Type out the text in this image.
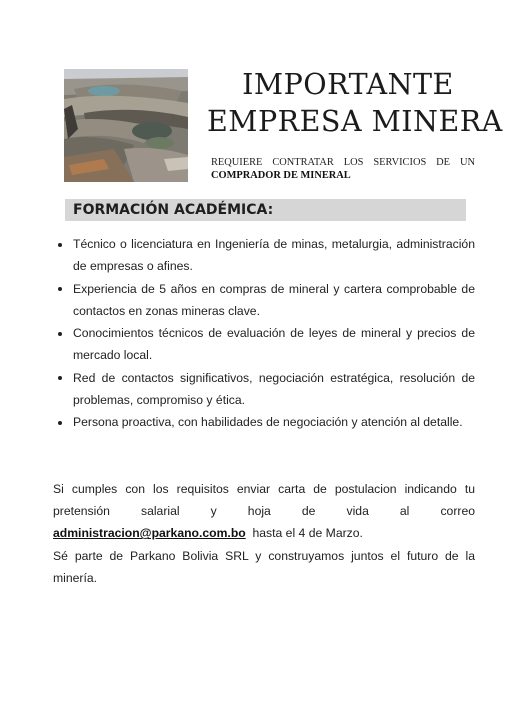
IMPORTANTE
EMPRESA MINERA
REQUIERE CONTRATAR LOS SERVICIOS DE UN
COMPRADOR DE MINERAL
FORMACIÓN ACADÉMICA:
Técnico o licenciatura en Ingeniería de minas, metalurgia, administración de empresas o afines.
Experiencia de 5 años en compras de mineral y cartera comprobable de contactos en zonas mineras clave.
Conocimientos técnicos de evaluación de leyes de mineral y precios de mercado local.
Red de contactos significativos, negociación estratégica, resolución de problemas, compromiso y ética.
Persona proactiva, con habilidades de negociación y atención al detalle.

Si cumples con los requisitos enviar carta de postulacion indicando tu pretensión salarial y hoja de vida al correo

administracion@parkano.com.bo hasta el 4 de Marzo.

Sé parte de Parkano Bolivia SRL y construyamos juntos el futuro de la minería.
